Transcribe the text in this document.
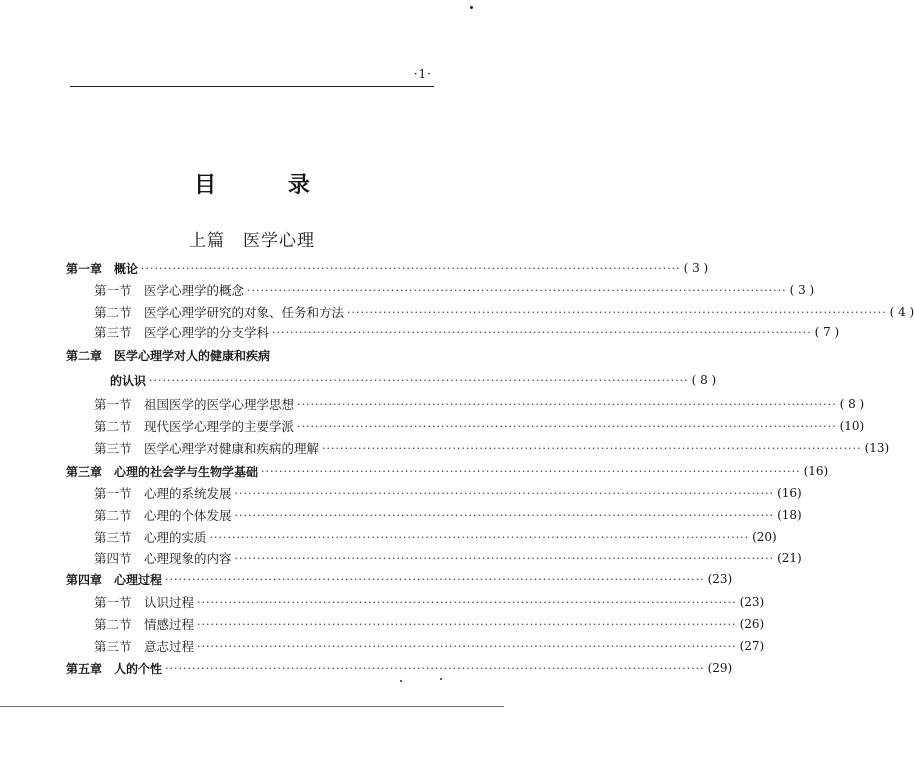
·1·
目 录
上篇　医学心理
第一章　概论 ························································································································ ( 3 )
第一节　医学心理学的概念 ························································································································ ( 3 )
第二节　医学心理学研究的对象、任务和方法 ························································································································ ( 4 )
第三节　医学心理学的分支学科 ························································································································ ( 7 )
第二章　医学心理学对人的健康和疾病
的认识 ························································································································ ( 8 )
第一节　祖国医学的医学心理学思想 ························································································································ ( 8 )
第二节　现代医学心理学的主要学派 ························································································································ (10)
第三节　医学心理学对健康和疾病的理解 ························································································································ (13)
第三章　心理的社会学与生物学基础 ························································································································ (16)
第一节　心理的系统发展 ························································································································ (16)
第二节　心理的个体发展 ························································································································ (18)
第三节　心理的实质 ························································································································ (20)
第四节　心理现象的内容 ························································································································ (21)
第四章　心理过程 ························································································································ (23)
第一节　认识过程 ························································································································ (23)
第二节　情感过程 ························································································································ (26)
第三节　意志过程 ························································································································ (27)
第五章　人的个性 ························································································································ (29)
